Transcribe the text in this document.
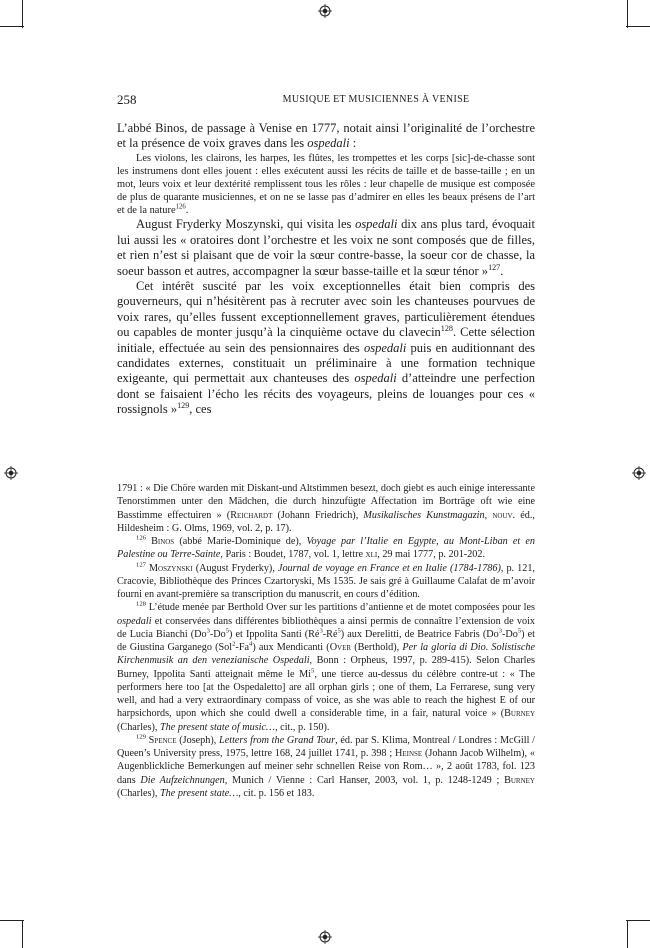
258	MUSIQUE ET MUSICIENNES À VENISE

L’abbé Binos, de passage à Venise en 1777, notait ainsi l’originalité de l’orchestre et la présence de voix graves dans les ospedali :

Les violons, les clairons, les harpes, les flûtes, les trompettes et les corps [sic]-de-chasse sont les instrumens dont elles jouent : elles exécutent aussi les récits de taille et de basse-taille ; en un mot, leurs voix et leur dextérité remplissent tous les rôles : leur chapelle de musique est composée de plus de quarante musiciennes, et on ne se lasse pas d’admirer en elles les beaux présens de l’art et de la nature$^{126}$.

August Fryderky Moszynski, qui visita les ospedali dix ans plus tard, évoquait lui aussi les « oratoires dont l’orchestre et les voix ne sont composés que de filles, et rien n’est si plaisant que de voir la sœur contre-basse, la soeur cor de chasse, la soeur basson et autres, accompagner la sœur basse-taille et la sœur ténor »$^{127}$.

Cet intérêt suscité par les voix exceptionnelles était bien compris des gouverneurs, qui n’hésitèrent pas à recruter avec soin les chanteuses pourvues de voix rares, qu’elles fussent exceptionnellement graves, particulièrement étendues ou capables de monter jusqu’à la cinquième octave du clavecin$^{128}$. Cette sélection initiale, effectuée au sein des pensionnaires des ospedali puis en auditionnant des candidates externes, constituait un préliminaire à une formation technique exigeante, qui permettait aux chanteuses des ospedali d’atteindre une perfection dont se faisaient l’écho les récits des voyageurs, pleins de louanges pour ces « rossignols »$^{129}$, ces

1791 : « Die Chöre warden mit Diskant-und Altstimmen besezt, doch giebt es auch einige interessante Tenorstimmen unter den Mädchen, die durch hinzufügte Affectation im Borträge oft wie eine Basstimme effectuiren » (Reichardt (Johann Friedrich), Musikalisches Kunstmagazin, nouv. éd., Hildesheim : G. Olms, 1969, vol. 2, p. 17).

$^{126}$ Binos (abbé Marie-Dominique de), Voyage par l’Italie en Egypte, au Mont-Liban et en Palestine ou Terre-Sainte, Paris : Boudet, 1787, vol. 1, lettre xli, 29 mai 1777, p. 201-202.

$^{127}$ Moszynski (August Fryderky), Journal de voyage en France et en Italie (1784-1786), p. 121, Cracovie, Bibliothèque des Princes Czartoryski, Ms 1535. Je sais gré à Guillaume Calafat de m’avoir fourni en avant-première sa transcription du manuscrit, en cours d’édition.

$^{128}$ L’étude menée par Berthold Over sur les partitions d’antienne et de motet composées pour les ospedali et conservées dans différentes bibliothèques a ainsi permis de connaître l’extension de voix de Lucia Bianchi (Do$^3$-Do$^5$) et Ippolita Santi $(Ré^3-Ré^5)$ aux Derelitti, de Beatrice Fabris (Do$^3$-Do$^5$) et de Giustina Garganego (Sol$^2$-Fa$^4$) aux Mendicanti (Over (Berthold), Per la gloria di Dio. Solistische Kirchenmusik an den venezianische Ospedali, Bonn : Orpheus, 1997, p. 289-415). Selon Charles Burney, Ippolita Santi atteignait même le Mi$^5$, une tierce au-dessus du célèbre contre-ut : « The performers here too [at the Ospedaletto] are all orphan girls ; one of them, La Ferrarese, sung very well, and had a very extraordinary compass of voice, as she was able to reach the highest E of our harpsichords, upon which she could dwell a considerable time, in a fair, natural voice » (Burney (Charles), The present state of music…, cit., p. 150).

$^{129}$ Spence (Joseph), Letters from the Grand Tour, éd. par S. Klima, Montreal / Londres : McGill / Queen’s University press, 1975, lettre 168, 24 juillet 1741, p. 398 ; Heinse (Johann Jacob Wilhelm), « Augenblickliche Bemerkungen auf meiner sehr schnellen Reise von Rom… », 2 août 1783, fol. 123 dans Die Aufzeichnungen, Munich / Vienne : Carl Hanser, 2003, vol. 1, p. 1248-1249 ; Burney (Charles), The present state…, cit. p. 156 et 183.
